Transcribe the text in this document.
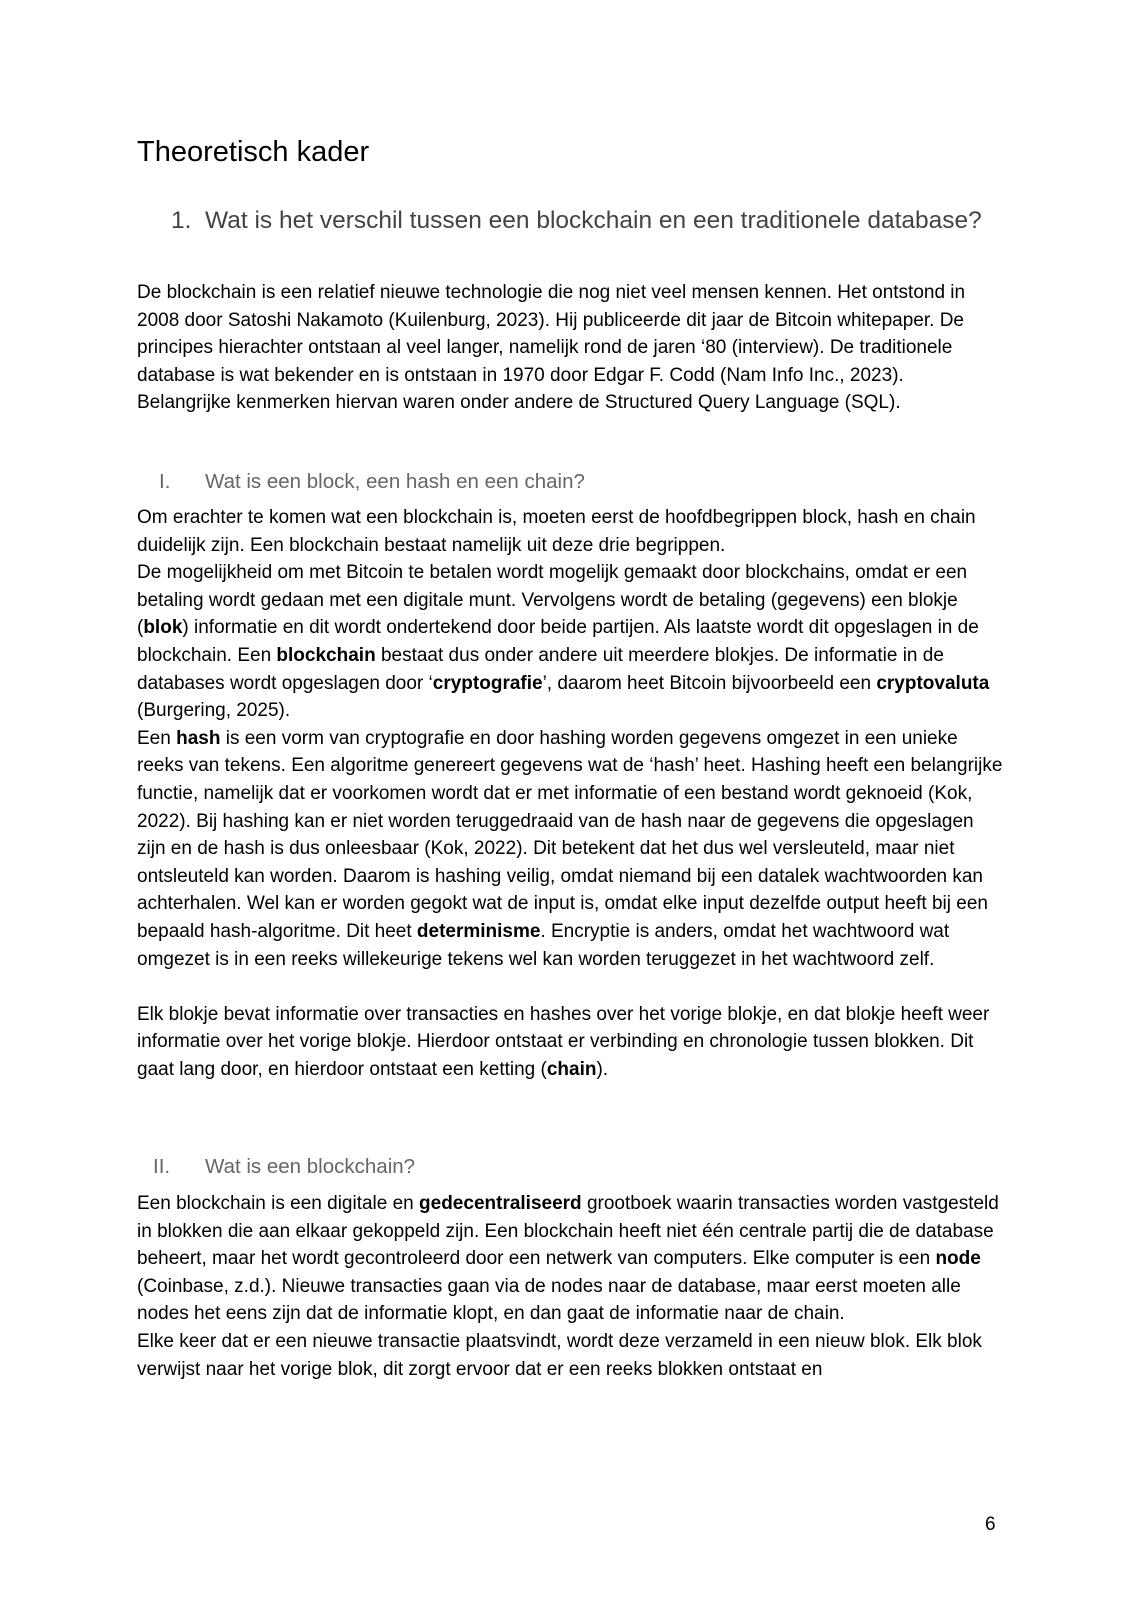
Theoretisch kader
1. Wat is het verschil tussen een blockchain en een traditionele database?

De blockchain is een relatief nieuwe technologie die nog niet veel mensen kennen. Het ontstond in 2008 door Satoshi Nakamoto (Kuilenburg, 2023). Hij publiceerde dit jaar de Bitcoin whitepaper. De principes hierachter ontstaan al veel langer, namelijk rond de jaren ‘80 (interview). De traditionele database is wat bekender en is ontstaan in 1970 door Edgar F. Codd (Nam Info Inc., 2023). Belangrijke kenmerken hiervan waren onder andere de Structured Query Language (SQL).

I. Wat is een block, een hash en een chain?

Om erachter te komen wat een blockchain is, moeten eerst de hoofdbegrippen block, hash en chain duidelijk zijn. Een blockchain bestaat namelijk uit deze drie begrippen.

De mogelijkheid om met Bitcoin te betalen wordt mogelijk gemaakt door blockchains, omdat er een betaling wordt gedaan met een digitale munt. Vervolgens wordt de betaling (gegevens) een blokje (blok) informatie en dit wordt ondertekend door beide partijen. Als laatste wordt dit opgeslagen in de blockchain. Een blockchain bestaat dus onder andere uit meerdere blokjes. De informatie in de databases wordt opgeslagen door ‘cryptografie’, daarom heet Bitcoin bijvoorbeeld een cryptovaluta (Burgering, 2025).

Een hash is een vorm van cryptografie en door hashing worden gegevens omgezet in een unieke reeks van tekens. Een algoritme genereert gegevens wat de ‘hash’ heet. Hashing heeft een belangrijke functie, namelijk dat er voorkomen wordt dat er met informatie of een bestand wordt geknoeid (Kok, 2022). Bij hashing kan er niet worden teruggedraaid van de hash naar de gegevens die opgeslagen zijn en de hash is dus onleesbaar (Kok, 2022). Dit betekent dat het dus wel versleuteld, maar niet ontsleuteld kan worden. Daarom is hashing veilig, omdat niemand bij een datalek wachtwoorden kan achterhalen. Wel kan er worden gegokt wat de input is, omdat elke input dezelfde output heeft bij een bepaald hash-algoritme. Dit heet determinisme. Encryptie is anders, omdat het wachtwoord wat omgezet is in een reeks willekeurige tekens wel kan worden teruggezet in het wachtwoord zelf.

Elk blokje bevat informatie over transacties en hashes over het vorige blokje, en dat blokje heeft weer informatie over het vorige blokje. Hierdoor ontstaat er verbinding en chronologie tussen blokken. Dit gaat lang door, en hierdoor ontstaat een ketting (chain).

II. Wat is een blockchain?

Een blockchain is een digitale en gedecentraliseerd grootboek waarin transacties worden vastgesteld in blokken die aan elkaar gekoppeld zijn. Een blockchain heeft niet één centrale partij die de database beheert, maar het wordt gecontroleerd door een netwerk van computers. Elke computer is een node (Coinbase, z.d.). Nieuwe transacties gaan via de nodes naar de database, maar eerst moeten alle nodes het eens zijn dat de informatie klopt, en dan gaat de informatie naar de chain.

Elke keer dat er een nieuwe transactie plaatsvindt, wordt deze verzameld in een nieuw blok. Elk blok verwijst naar het vorige blok, dit zorgt ervoor dat er een reeks blokken ontstaat en

6
